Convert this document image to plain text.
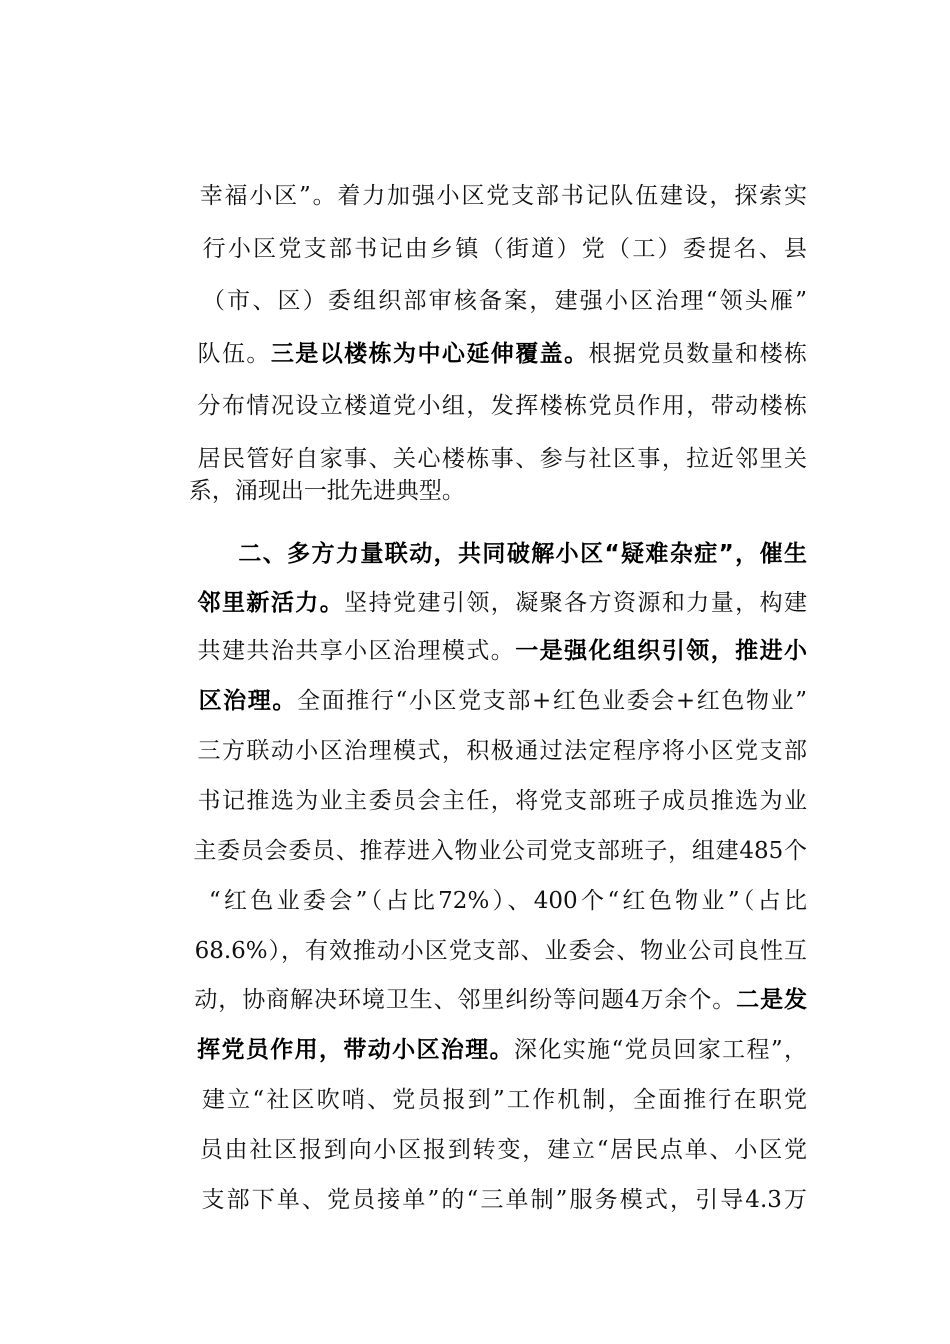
幸福小区”。着力加强小区党支部书记队伍建设，探索实

行小区党支部书记由乡镇（街道）党（工）委提名、县

（市、区）委组织部审核备案，建强小区治理“领头雁”

队伍。三是以楼栋为中心延伸覆盖。根据党员数量和楼栋

分布情况设立楼道党小组，发挥楼栋党员作用，带动楼栋

居民管好自家事、关心楼栋事、参与社区事，拉近邻里关

系，涌现出一批先进典型。

二、多方力量联动，共同破解小区“疑难杂症”，催生

邻里新活力。坚持党建引领，凝聚各方资源和力量，构建

共建共治共享小区治理模式。一是强化组织引领，推进小

区治理。全面推行“小区党支部+红色业委会+红色物业”

三方联动小区治理模式，积极通过法定程序将小区党支部

书记推选为业主委员会主任，将党支部班子成员推选为业

主委员会委员、推荐进入物业公司党支部班子，组建485个

“红色业委会”（占比72%）、400个“红色物业”（占比

68.6%），有效推动小区党支部、业委会、物业公司良性互

动，协商解决环境卫生、邻里纠纷等问题4万余个。二是发

挥党员作用，带动小区治理。深化实施“党员回家工程”，

建立“社区吹哨、党员报到”工作机制，全面推行在职党

员由社区报到向小区报到转变，建立“居民点单、小区党

支部下单、党员接单”的“三单制”服务模式，引导4.3万
